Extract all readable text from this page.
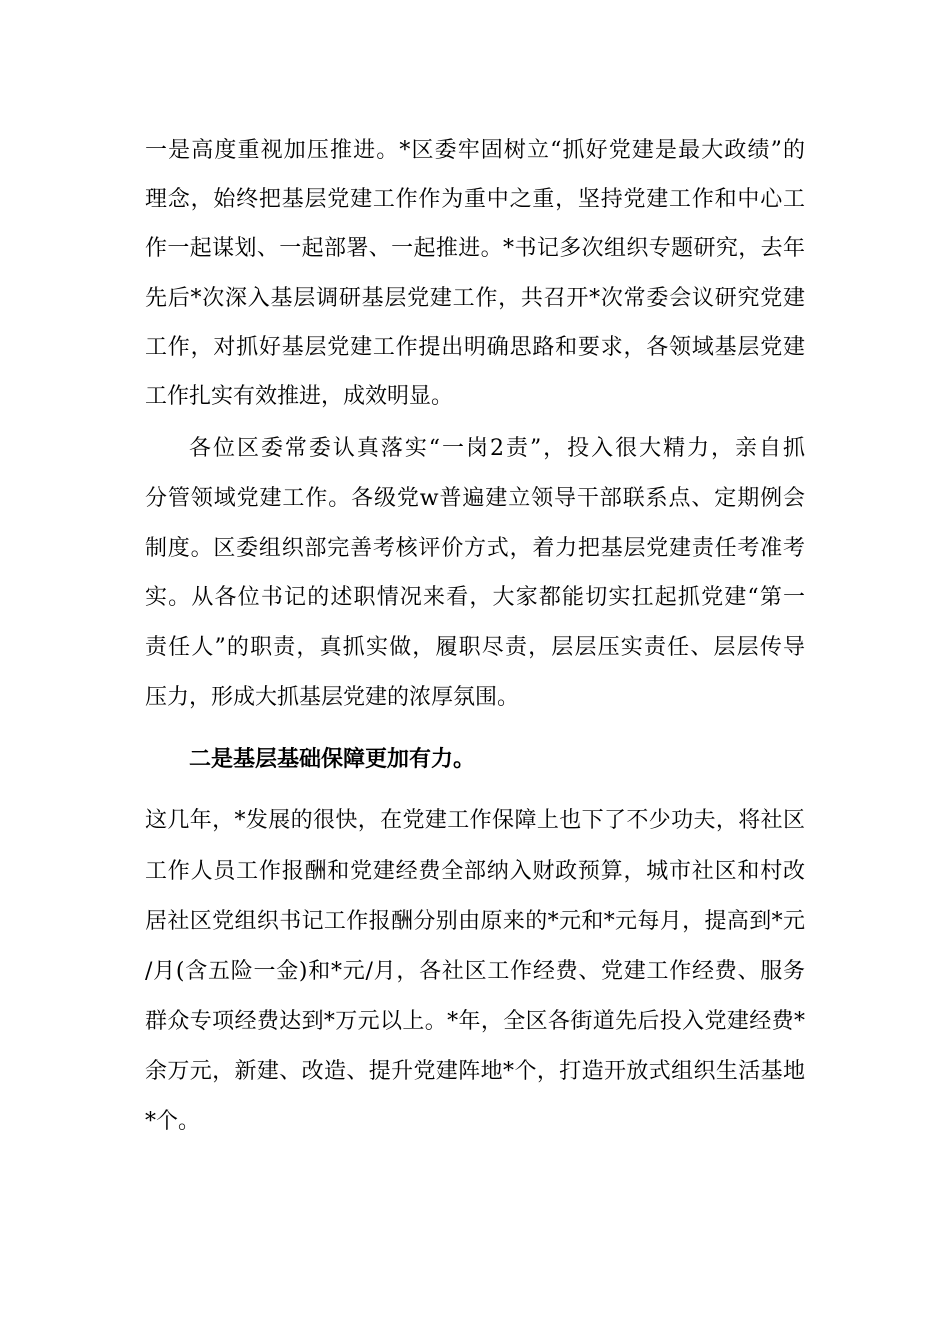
一是高度重视加压推进。*区委牢固树立“抓好党建是最大政绩”的
理念，始终把基层党建工作作为重中之重，坚持党建工作和中心工
作一起谋划、一起部署、一起推进。*书记多次组织专题研究，去年
先后*次深入基层调研基层党建工作，共召开*次常委会议研究党建
工作，对抓好基层党建工作提出明确思路和要求，各领域基层党建
工作扎实有效推进，成效明显。
各位区委常委认真落实“一岗2责”，投入很大精力，亲自抓
分管领域党建工作。各级党w普遍建立领导干部联系点、定期例会
制度。区委组织部完善考核评价方式，着力把基层党建责任考准考
实。从各位书记的述职情况来看，大家都能切实扛起抓党建“第一
责任人”的职责，真抓实做，履职尽责，层层压实责任、层层传导
压力，形成大抓基层党建的浓厚氛围。
二是基层基础保障更加有力。
这几年，*发展的很快，在党建工作保障上也下了不少功夫，将社区
工作人员工作报酬和党建经费全部纳入财政预算，城市社区和村改
居社区党组织书记工作报酬分别由原来的*元和*元每月，提高到*元
/月(含五险一金)和*元/月，各社区工作经费、党建工作经费、服务
群众专项经费达到*万元以上。*年，全区各街道先后投入党建经费*
余万元，新建、改造、提升党建阵地*个，打造开放式组织生活基地
*个。
